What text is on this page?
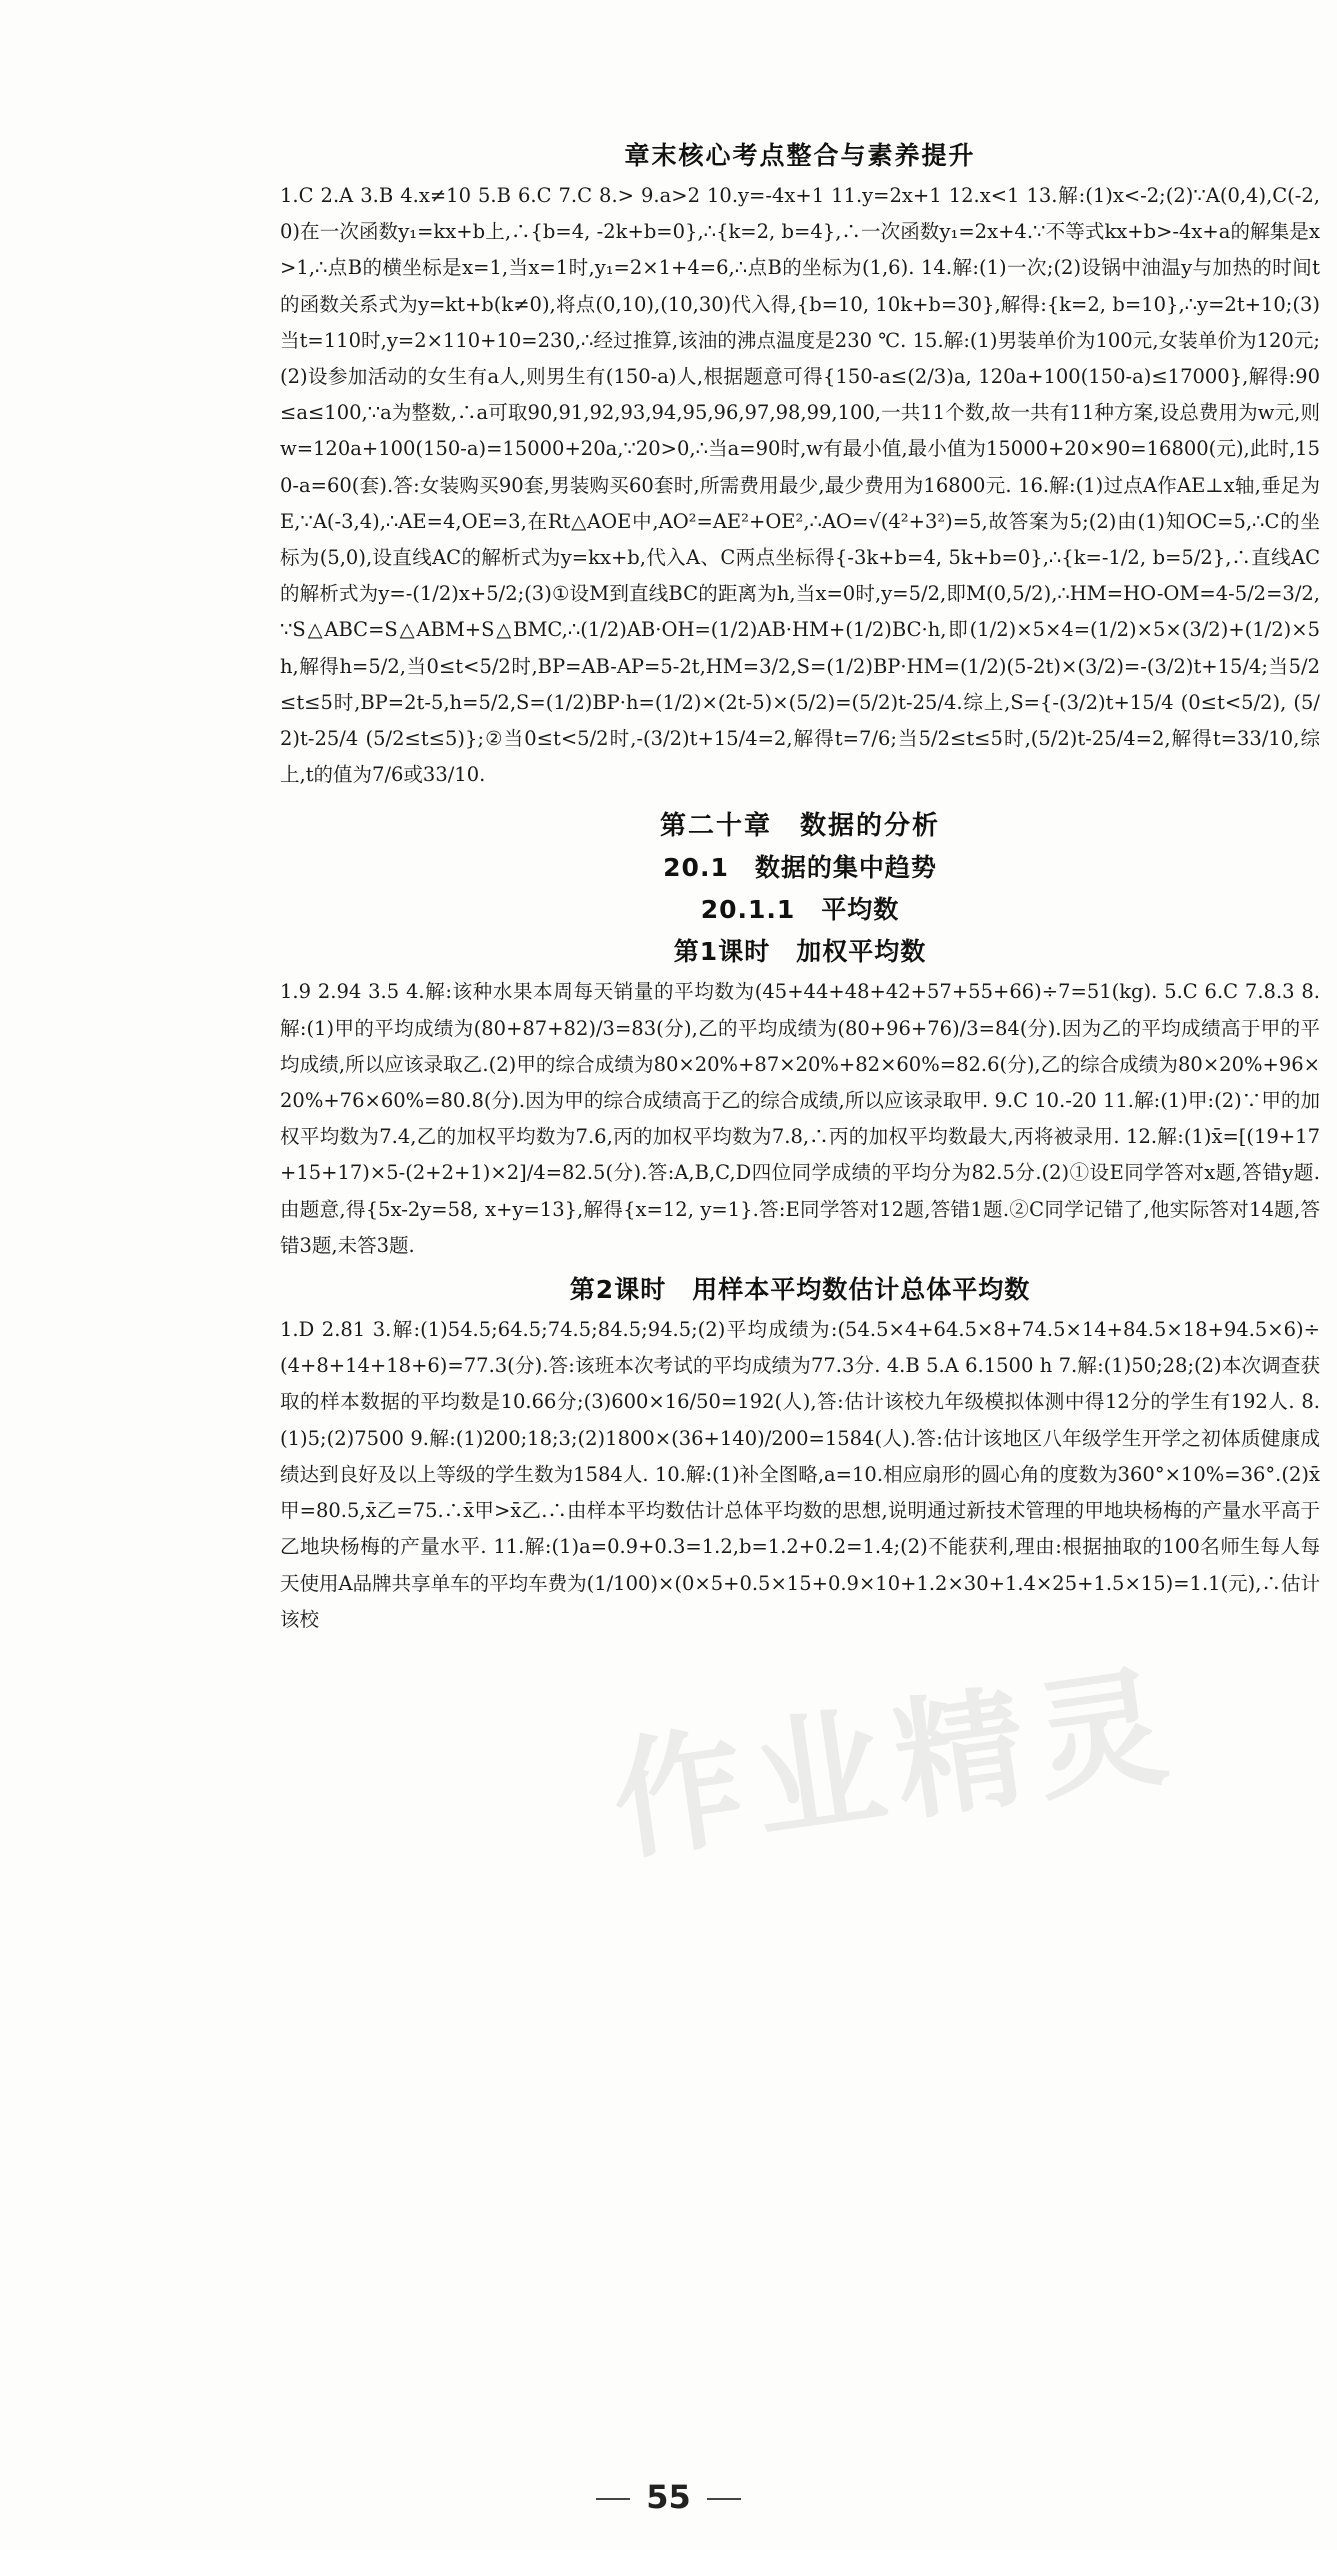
作业精灵
章末核心考点整合与素养提升

1.C 2.A 3.B 4.x≠10 5.B 6.C 7.C 8.> 9.a>2 10.y=-4x+1 11.y=2x+1 12.x<1 13.解:(1)x<-2;(2)∵A(0,4),C(-2,0)在一次函数y₁=kx+b上,∴{b=4, -2k+b=0},∴{k=2, b=4},∴一次函数y₁=2x+4.∵不等式kx+b>-4x+a的解集是x>1,∴点B的横坐标是x=1,当x=1时,y₁=2×1+4=6,∴点B的坐标为(1,6). 14.解:(1)一次;(2)设锅中油温y与加热的时间t的函数关系式为y=kt+b(k≠0),将点(0,10),(10,30)代入得,{b=10, 10k+b=30},解得:{k=2, b=10},∴y=2t+10;(3)当t=110时,y=2×110+10=230,∴经过推算,该油的沸点温度是230 ℃. 15.解:(1)男装单价为100元,女装单价为120元;(2)设参加活动的女生有a人,则男生有(150-a)人,根据题意可得{150-a≤(2/3)a, 120a+100(150-a)≤17000},解得:90≤a≤100,∵a为整数,∴a可取90,91,92,93,94,95,96,97,98,99,100,一共11个数,故一共有11种方案,设总费用为w元,则w=120a+100(150-a)=15000+20a,∵20>0,∴当a=90时,w有最小值,最小值为15000+20×90=16800(元),此时,150-a=60(套).答:女装购买90套,男装购买60套时,所需费用最少,最少费用为16800元. 16.解:(1)过点A作AE⊥x轴,垂足为E,∵A(-3,4),∴AE=4,OE=3,在Rt△AOE中,AO²=AE²+OE²,∴AO=√(4²+3²)=5,故答案为5;(2)由(1)知OC=5,∴C的坐标为(5,0),设直线AC的解析式为y=kx+b,代入A、C两点坐标得{-3k+b=4, 5k+b=0},∴{k=-1/2, b=5/2},∴直线AC的解析式为y=-(1/2)x+5/2;(3)①设M到直线BC的距离为h,当x=0时,y=5/2,即M(0,5/2),∴HM=HO-OM=4-5/2=3/2,∵S△ABC=S△ABM+S△BMC,∴(1/2)AB·OH=(1/2)AB·HM+(1/2)BC·h,即(1/2)×5×4=(1/2)×5×(3/2)+(1/2)×5h,解得h=5/2,当0≤t<5/2时,BP=AB-AP=5-2t,HM=3/2,S=(1/2)BP·HM=(1/2)(5-2t)×(3/2)=-(3/2)t+15/4;当5/2≤t≤5时,BP=2t-5,h=5/2,S=(1/2)BP·h=(1/2)×(2t-5)×(5/2)=(5/2)t-25/4.综上,S={-(3/2)t+15/4 (0≤t<5/2), (5/2)t-25/4 (5/2≤t≤5)};②当0≤t<5/2时,-(3/2)t+15/4=2,解得t=7/6;当5/2≤t≤5时,(5/2)t-25/4=2,解得t=33/10,综上,t的值为7/6或33/10.

第二十章　数据的分析
20.1　数据的集中趋势
20.1.1　平均数
第1课时　加权平均数

1.9 2.94 3.5 4.解:该种水果本周每天销量的平均数为(45+44+48+42+57+55+66)÷7=51(kg). 5.C 6.C 7.8.3 8.解:(1)甲的平均成绩为(80+87+82)/3=83(分),乙的平均成绩为(80+96+76)/3=84(分).因为乙的平均成绩高于甲的平均成绩,所以应该录取乙.(2)甲的综合成绩为80×20%+87×20%+82×60%=82.6(分),乙的综合成绩为80×20%+96×20%+76×60%=80.8(分).因为甲的综合成绩高于乙的综合成绩,所以应该录取甲. 9.C 10.-20 11.解:(1)甲:(2)∵甲的加权平均数为7.4,乙的加权平均数为7.6,丙的加权平均数为7.8,∴丙的加权平均数最大,丙将被录用. 12.解:(1)x̄=[(19+17+15+17)×5-(2+2+1)×2]/4=82.5(分).答:A,B,C,D四位同学成绩的平均分为82.5分.(2)①设E同学答对x题,答错y题.由题意,得{5x-2y=58, x+y=13},解得{x=12, y=1}.答:E同学答对12题,答错1题.②C同学记错了,他实际答对14题,答错3题,未答3题.

第2课时　用样本平均数估计总体平均数

1.D 2.81 3.解:(1)54.5;64.5;74.5;84.5;94.5;(2)平均成绩为:(54.5×4+64.5×8+74.5×14+84.5×18+94.5×6)÷(4+8+14+18+6)=77.3(分).答:该班本次考试的平均成绩为77.3分. 4.B 5.A 6.1500 h 7.解:(1)50;28;(2)本次调查获取的样本数据的平均数是10.66分;(3)600×16/50=192(人),答:估计该校九年级模拟体测中得12分的学生有192人. 8.(1)5;(2)7500 9.解:(1)200;18;3;(2)1800×(36+140)/200=1584(人).答:估计该地区八年级学生开学之初体质健康成绩达到良好及以上等级的学生数为1584人. 10.解:(1)补全图略,a=10.相应扇形的圆心角的度数为360°×10%=36°.(2)x̄甲=80.5,x̄乙=75.∴x̄甲>x̄乙.∴由样本平均数估计总体平均数的思想,说明通过新技术管理的甲地块杨梅的产量水平高于乙地块杨梅的产量水平. 11.解:(1)a=0.9+0.3=1.2,b=1.2+0.2=1.4;(2)不能获利,理由:根据抽取的100名师生每人每天使用A品牌共享单车的平均车费为(1/100)×(0×5+0.5×15+0.9×10+1.2×30+1.4×25+1.5×15)=1.1(元),∴估计该校

55
